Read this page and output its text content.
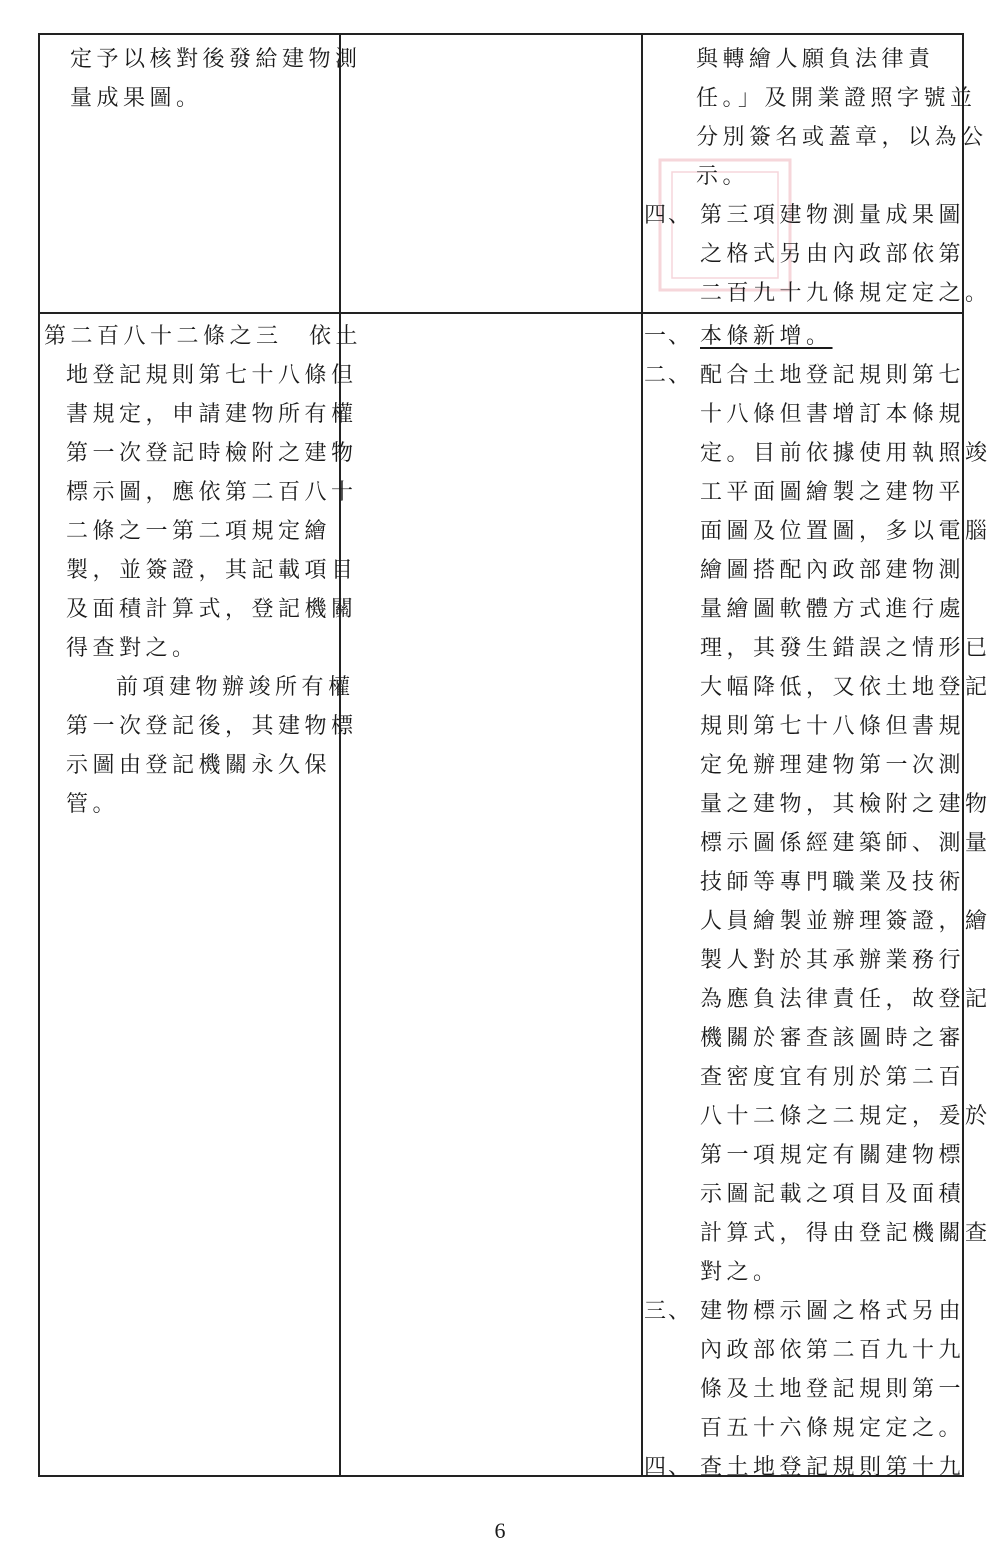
定予以核對後發給建物測

量成果圖。

與轉繪人願負法律責

任。」及開業證照字號並

分別簽名或蓋章，以為公

示。

四、 第三項建物測量成果圖

之格式另由內政部依第

二百九十九條規定定之。

第二百八十二條之三　依土

地登記規則第七十八條但

書規定，申請建物所有權

第一次登記時檢附之建物

標示圖，應依第二百八十

二條之一第二項規定繪

製，並簽證，其記載項目

及面積計算式，登記機關

得查對之。

前項建物辦竣所有權

第一次登記後，其建物標

示圖由登記機關永久保

管。

一、 本條新增。

二、 配合土地登記規則第七

十八條但書增訂本條規

定。目前依據使用執照竣

工平面圖繪製之建物平

面圖及位置圖，多以電腦

繪圖搭配內政部建物測

量繪圖軟體方式進行處

理，其發生錯誤之情形已

大幅降低，又依土地登記

規則第七十八條但書規

定免辦理建物第一次測

量之建物，其檢附之建物

標示圖係經建築師、測量

技師等專門職業及技術

人員繪製並辦理簽證，繪

製人對於其承辦業務行

為應負法律責任，故登記

機關於審查該圖時之審

查密度宜有別於第二百

八十二條之二規定，爰於

第一項規定有關建物標

示圖記載之項目及面積

計算式，得由登記機關查

對之。

三、 建物標示圖之格式另由

內政部依第二百九十九

條及土地登記規則第一

百五十六條規定定之。

四、 查土地登記規則第十九

6
